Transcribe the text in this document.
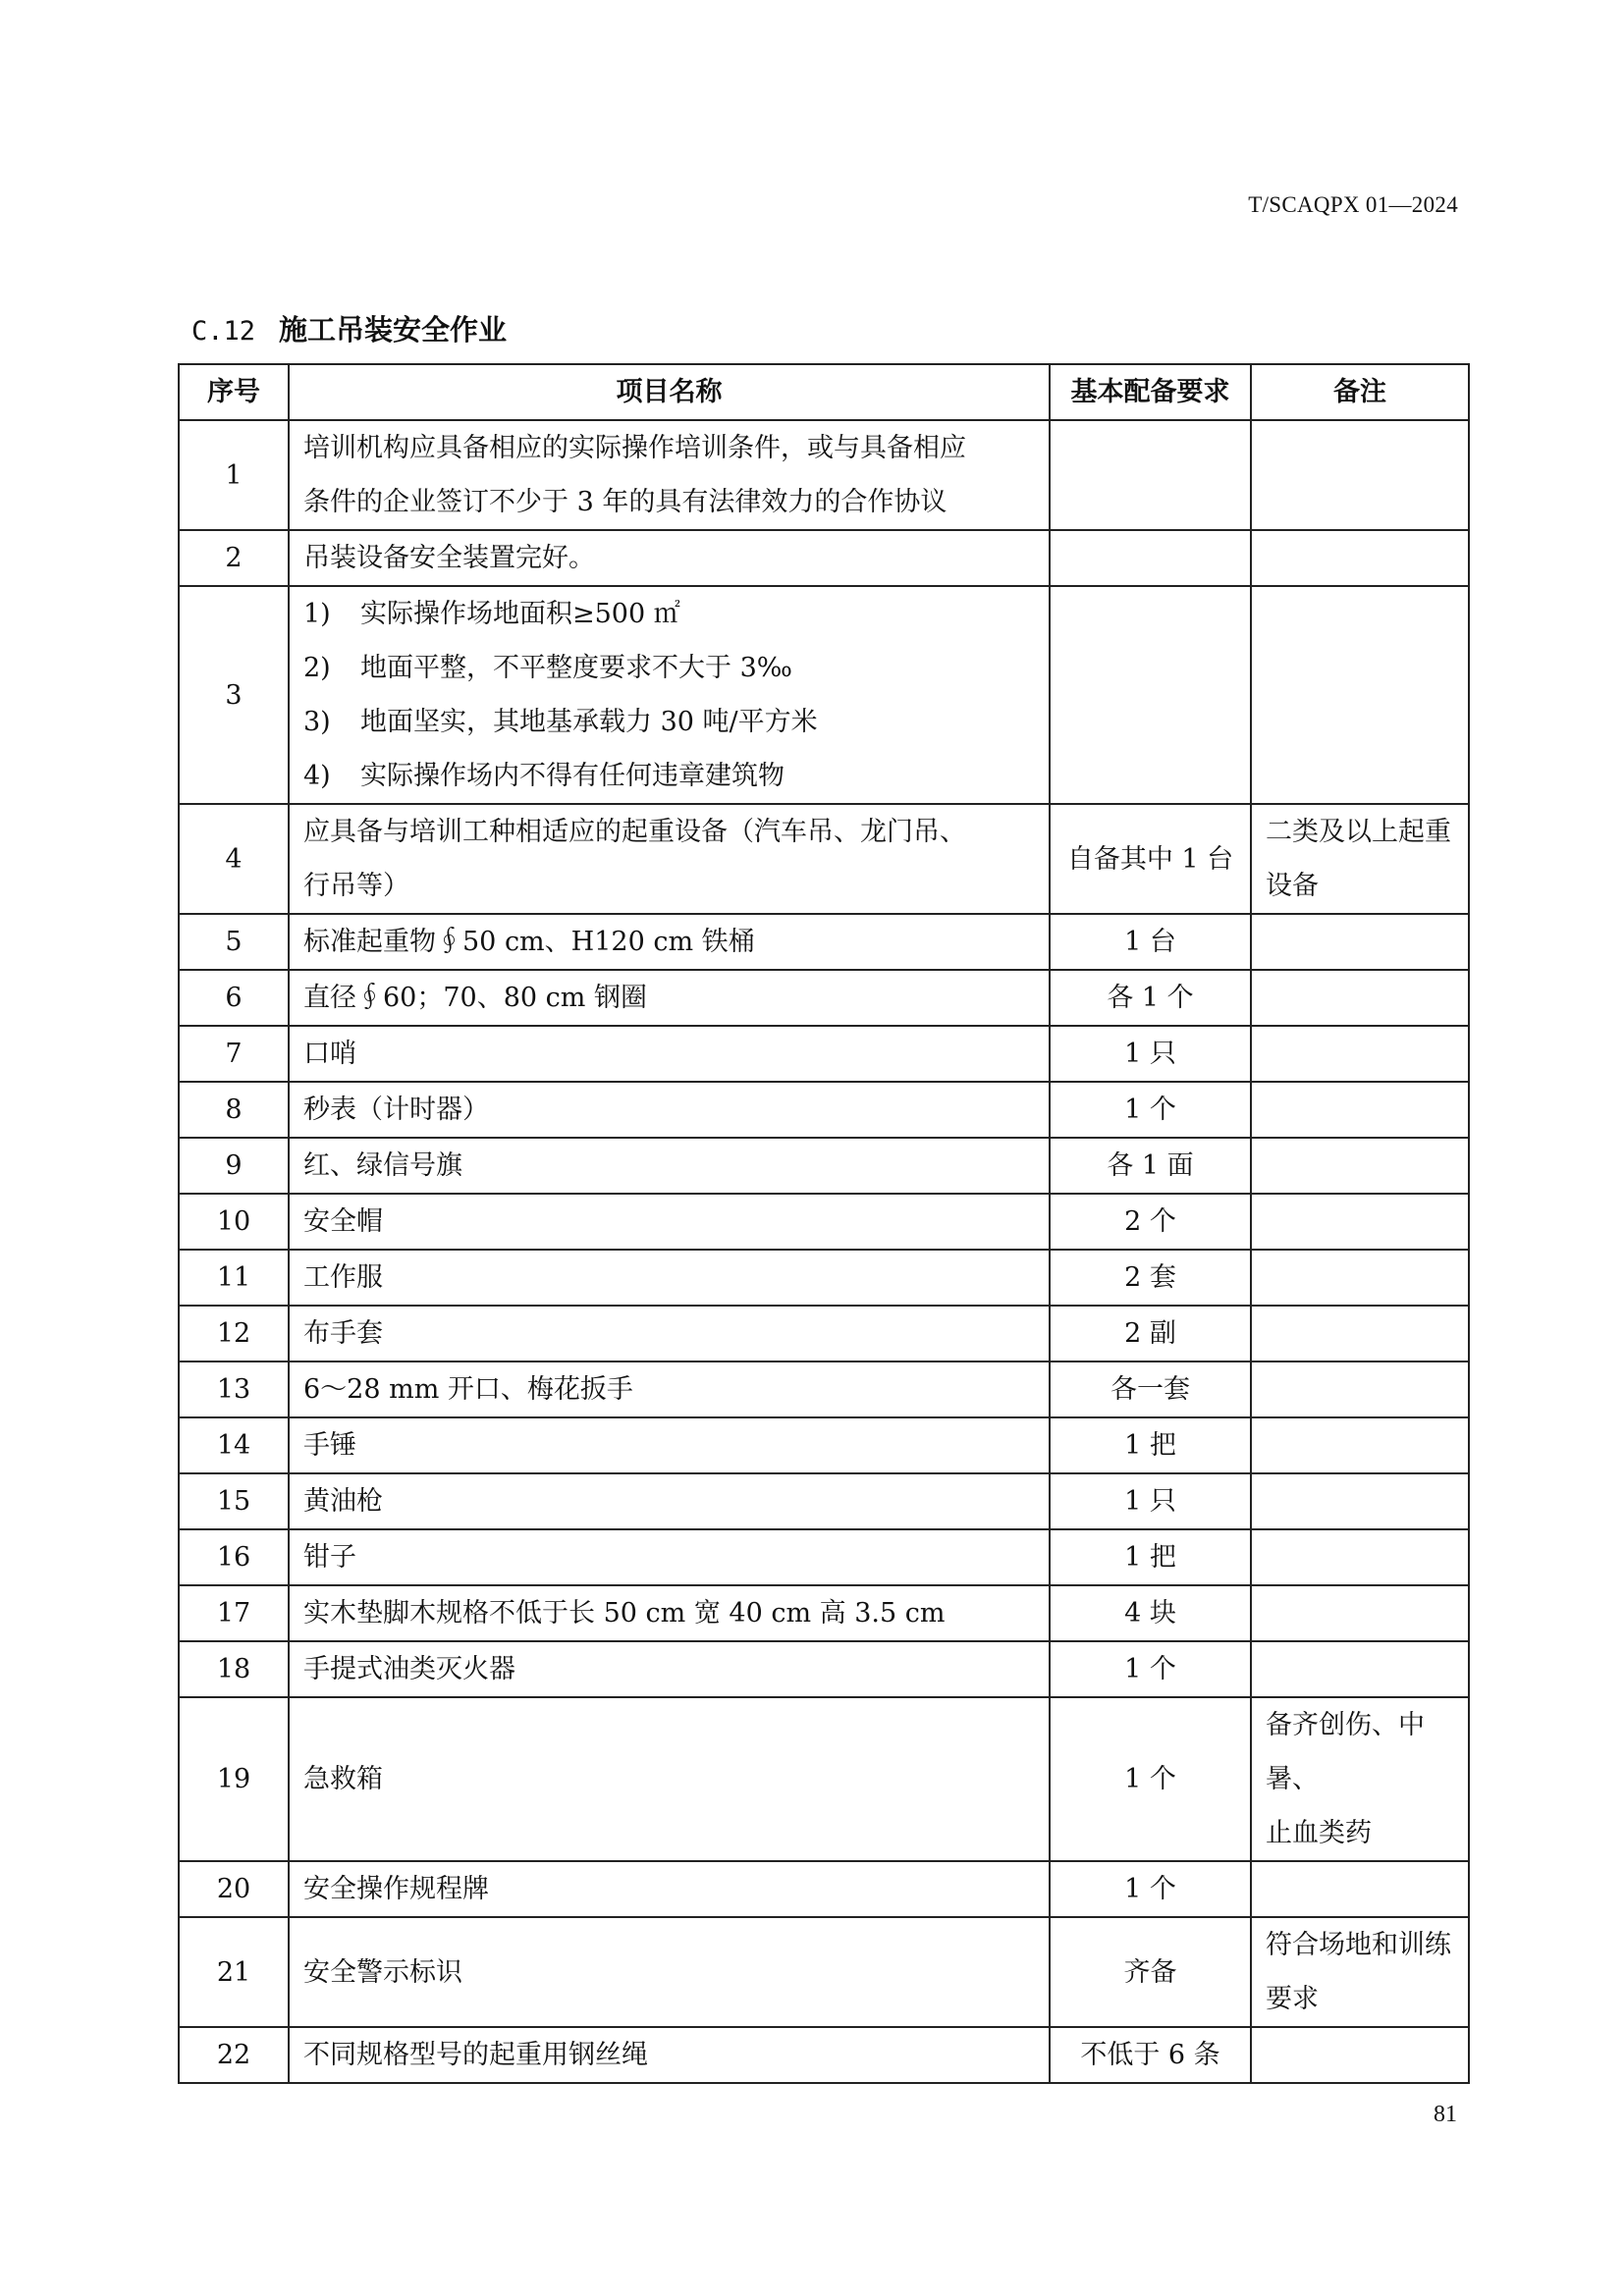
T/SCAQPX 01—2024
C.12 施工吊装安全作业
序号	项目名称	基本配备要求	备注
1	培训机构应具备相应的实际操作培训条件，或与具备相应
条件的企业签订不少于 3 年的具有法律效力的合作协议		

2	吊装设备安全装置完好。		

3	1) 实际操作场地面积≥500 ㎡
2) 地面平整，不平整度要求不大于 3‰
3) 地面坚实，其地基承载力 30 吨/平方米
4) 实际操作场内不得有任何违章建筑物		

4	应具备与培训工种相适应的起重设备（汽车吊、龙门吊、
行吊等）	自备其中 1 台	二类及以上起重
设备

5	标准起重物∮50 cm、H120 cm 铁桶	1 台	
6	直径∮60；70、80 cm 钢圈	各 1 个	
7	口哨	1 只	
8	秒表（计时器）	1 个	
9	红、绿信号旗	各 1 面	
10	安全帽	2 个	
11	工作服	2 套	
12	布手套	2 副	
13	6～28 mm 开口、梅花扳手	各一套	
14	手锤	1 把	
15	黄油枪	1 只	
16	钳子	1 把	
17	实木垫脚木规格不低于长 50 cm 宽 40 cm 高 3.5 cm	4 块	
18	手提式油类灭火器	1 个	
19	急救箱	1 个	备齐创伤、中暑、
止血类药

20	安全操作规程牌	1 个	
21	安全警示标识	齐备	符合场地和训练
要求

22	不同规格型号的起重用钢丝绳	不低于 6 条	
81
